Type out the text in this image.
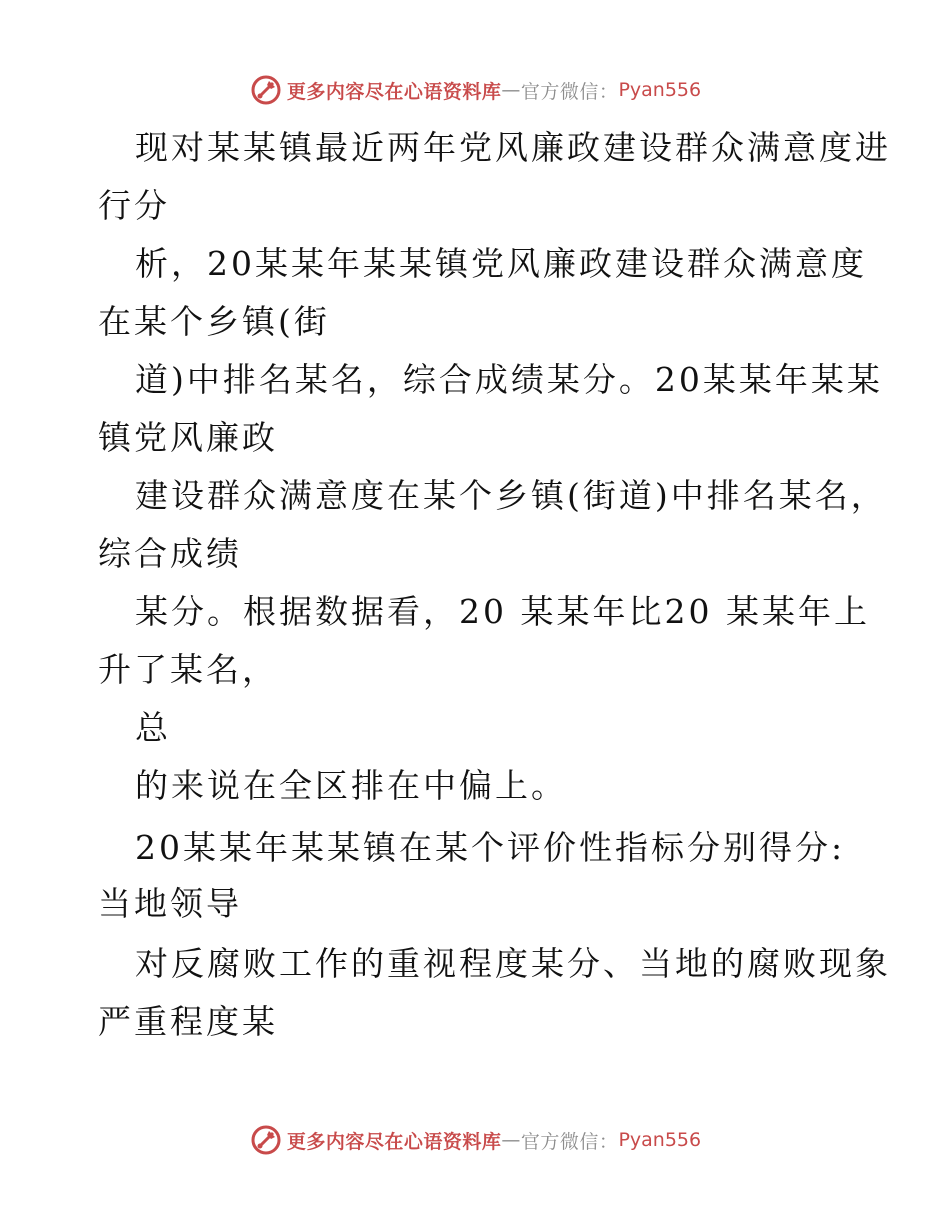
更多内容尽在心语资料库 — 官方微信： Pyan556
现对某某镇最近两年党风廉政建设群众满意度进
行分
析，20某某年某某镇党风廉政建设群众满意度
在某个乡镇(街
道)中排名某名，综合成绩某分。20某某年某某
镇党风廉政
建设群众满意度在某个乡镇(街道)中排名某名，
综合成绩
某分。根据数据看，20 某某年比20 某某年上
升了某名，
总
的来说在全区排在中偏上。
20某某年某某镇在某个评价性指标分别得分:
当地领导
对反腐败工作的重视程度某分、当地的腐败现象
严重程度某
更多内容尽在心语资料库 — 官方微信： Pyan556
